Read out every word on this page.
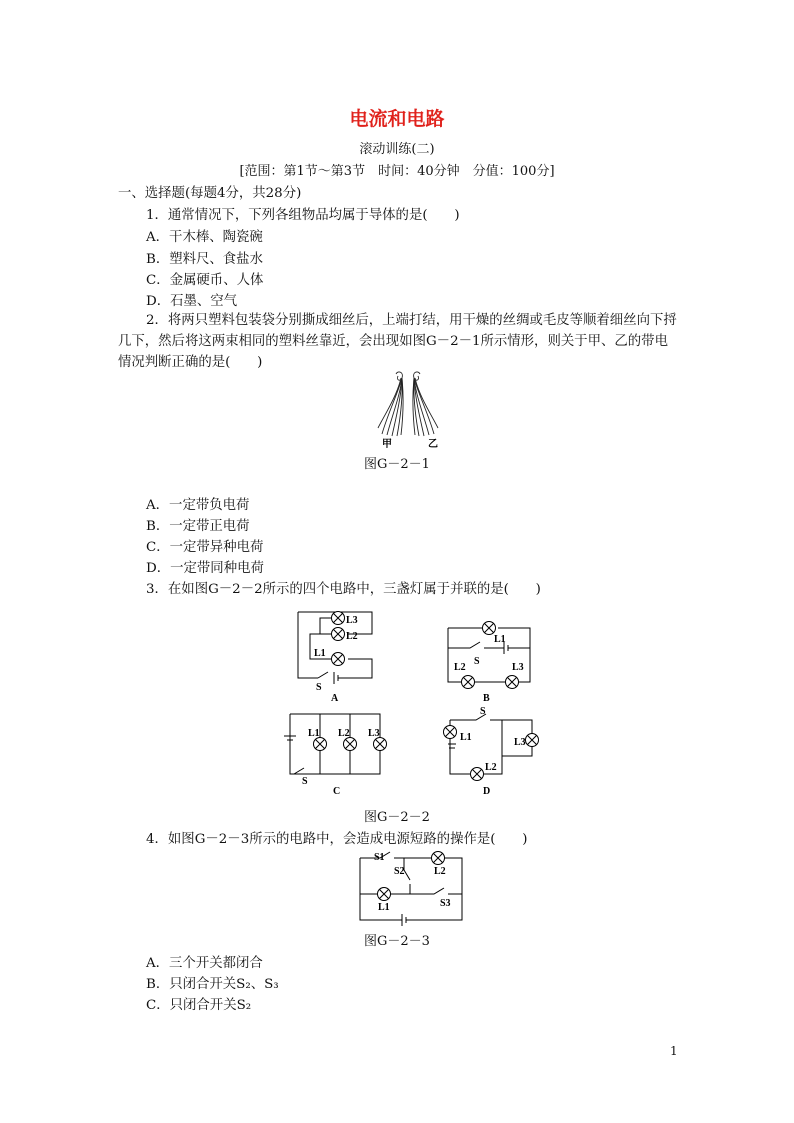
电流和电路
滚动训练(二)
[范围：第1节～第3节　时间：40分钟　分值：100分]
一、选择题(每题4分，共28分)
1．通常情况下，下列各组物品均属于导体的是(　　)
A．干木棒、陶瓷碗
B．塑料尺、食盐水
C．金属硬币、人体
D．石墨、空气
2．将两只塑料包装袋分别撕成细丝后，上端打结，用干燥的丝绸或毛皮等顺着细丝向下捋几下，然后将这两束相同的塑料丝靠近，会出现如图G－2－1所示情形，则关于甲、乙的带电情况判断正确的是(　　)
甲	乙
图G－2－1
A．一定带负电荷
B．一定带正电荷
C．一定带异种电荷
D．一定带同种电荷
3．在如图G－2－2所示的四个电路中，三盏灯属于并联的是(　　)
L3
L2
L1
S
A
L1
L2
S
L3
B
L1 L2 L3
S
C
L1
S
L3
L2
D
图G－2－2
4．如图G－2－3所示的电路中，会造成电源短路的操作是(　　)
S1
S2	L2
L1	S3
图G－2－3
A．三个开关都闭合
B．只闭合开关S₂、S₃
C．只闭合开关S₂
1
